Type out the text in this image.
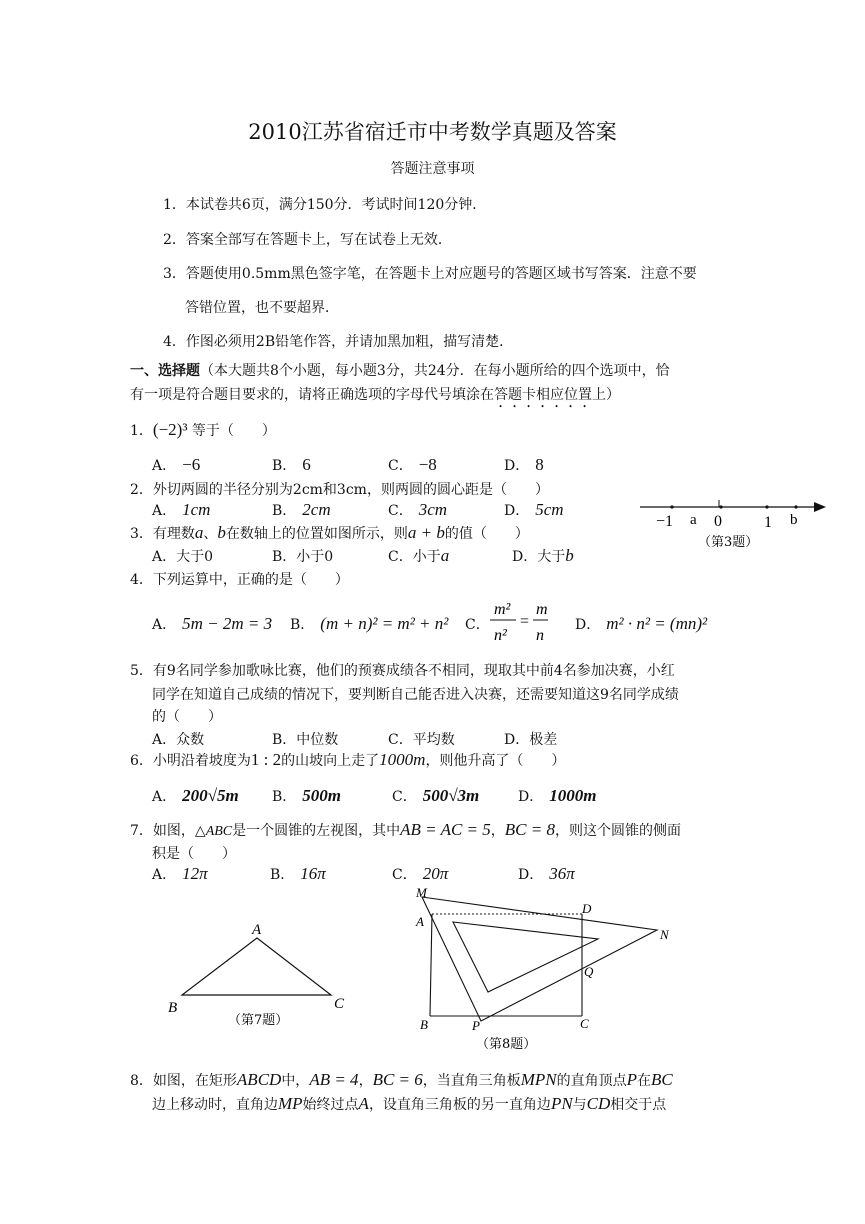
2010江苏省宿迁市中考数学真题及答案
答题注意事项
1．本试卷共6页，满分150分．考试时间120分钟．
2．答案全部写在答题卡上，写在试卷上无效．
3．答题使用0.5mm黑色签字笔，在答题卡上对应题号的答题区域书写答案．注意不要
答错位置，也不要超界．
4．作图必须用2B铅笔作答，并请加黑加粗，描写清楚．
一、选择题（本大题共8个小题，每小题3分，共24分．在每小题所给的四个选项中，恰
有一项是符合题目要求的，请将正确选项的字母代号填涂在答题卡相应位置上）
1．(−2)³ 等于（　　）
A． −6	B． 6	C． −8	D． 8
2．外切两圆的半径分别为2cm和3cm，则两圆的圆心距是（　　）
A． 1cm	B． 2cm	C． 3cm	D． 5cm
3．有理数a、b在数轴上的位置如图所示，则a + b的值（　　）
A．大于0	B．小于0	C．小于a	D．大于b
−1 a 0	1 b
（第3题）
4．下列运算中，正确的是（　　）
A． 5m − 2m = 3 B． (m + n)² = m² + n² C．
m²
n²
=
m
n
D． m² · n² = (mn)²
5．有9名同学参加歌咏比赛，他们的预赛成绩各不相同，现取其中前4名参加决赛，小红
同学在知道自己成绩的情况下，要判断自己能否进入决赛，还需要知道这9名同学成绩
的（　　）
A．众数	B．中位数	C．平均数	D．极差
6．小明沿着坡度为1 : 2的山坡向上走了1000m，则他升高了（　　）
A． 200√5m B． 500m	C． 500√3m	D． 1000m
7．如图，△ABC是一个圆锥的左视图，其中AB = AC = 5，BC = 8，则这个圆锥的侧面
积是（　　）
A． 12π	B． 16π	C． 20π	D． 36π
A
B	C
（第7题）
M
A
D
N
Q
B	P	C
（第8题）
8．如图，在矩形ABCD中，AB = 4，BC = 6，当直角三角板MPN的直角顶点P在BC
边上移动时，直角边MP始终过点A，设直角三角板的另一直角边PN与CD相交于点
